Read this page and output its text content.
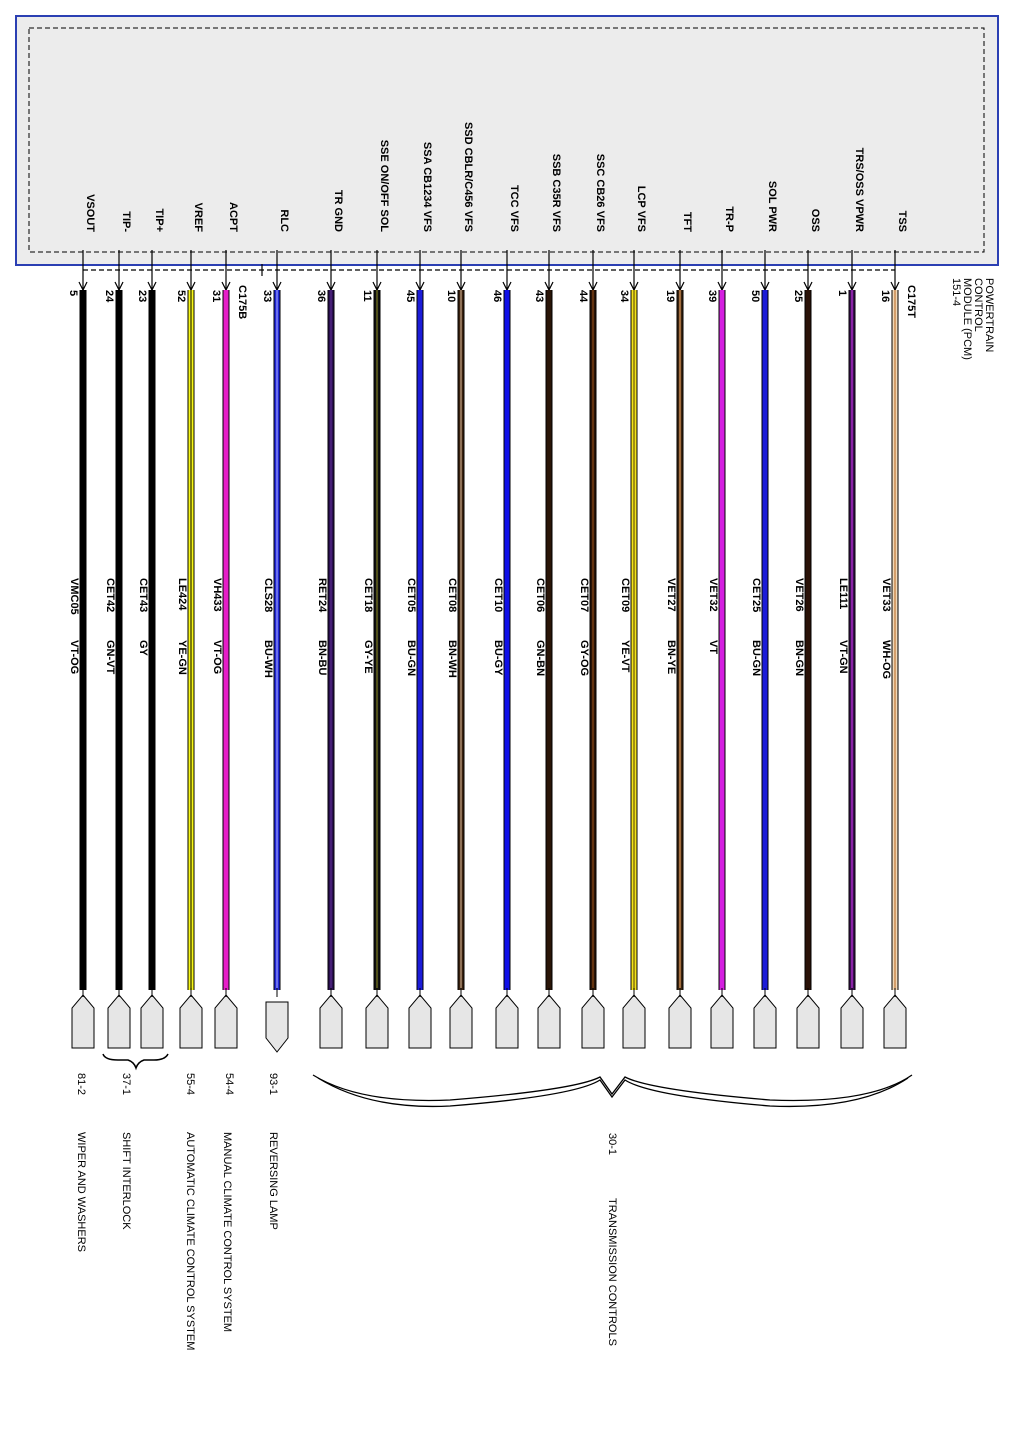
POWERTRAIN
CONTROL
MODULE (PCM)
151-4
C175B	C175T
VSOUT
5
VMC05
VT-OG
TIP-
24
CET42
GN-VT
TIP+
23
CET43
GY
VREF
52
LE424
YE-GN
ACPT
31
VH433
VT-OG
RLC
33
CLS28
BU-WH
TR GND
36
RET24
BN-BU
SSE ON/OFF SOL
11
CET18
GY-YE
SSA CB1234 VFS
45
CET05
BU-GN
SSD CBLR/C456 VFS
10
CET08
BN-WH
TCC VFS
46
CET10
BU-GY
SSB C35R VFS
43
CET06
GN-BN
SSC CB26 VFS
44
CET07
GY-OG
LCP VFS
34
CET09
YE-VT
TFT
19
VET27
BN-YE
TR-P
39
VET32
VT
SOL PWR
50
CET25
BU-GN
OSS
25
VET26
BN-GN
TRS/OSS VPWR
1
LE111
VT-GN
TSS
16
VET33
WH-OG
81-2
WIPER AND WASHERS
37-1
SHIFT INTERLOCK
55-4
AUTOMATIC CLIMATE CONTROL SYSTEM
54-4
MANUAL CLIMATE CONTROL SYSTEM
93-1
REVERSING LAMP	30-1
TRANSMISSION CONTROLS
